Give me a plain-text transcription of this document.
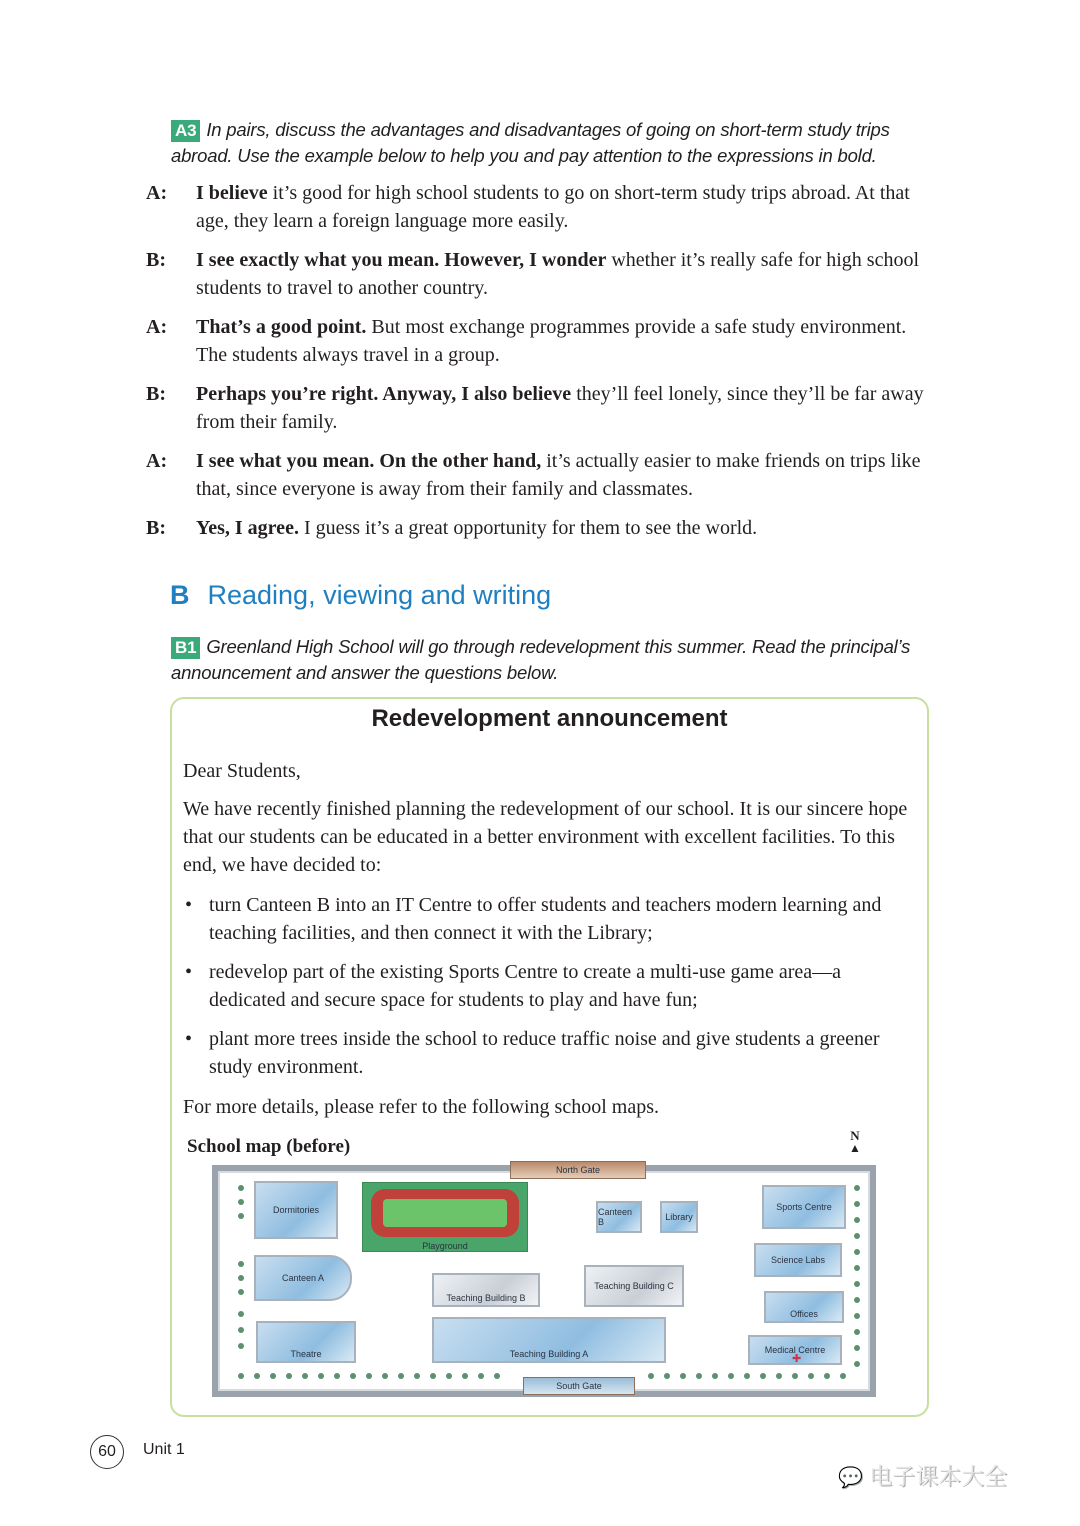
A3 In pairs, discuss the advantages and disadvantages of going on short-term study trips abroad. Use the example below to help you and pay attention to the expressions in bold.
A: I believe it’s good for high school students to go on short-term study trips abroad. At that age, they learn a foreign language more easily.
B: I see exactly what you mean. However, I wonder whether it’s really safe for high school students to travel to another country.
A: That’s a good point. But most exchange programmes provide a safe study environment. The students always travel in a group.
B: Perhaps you’re right. Anyway, I also believe they’ll feel lonely, since they’ll be far away from their family.
A: I see what you mean. On the other hand, it’s actually easier to make friends on trips like that, since everyone is away from their family and classmates.
B: Yes, I agree. I guess it’s a great opportunity for them to see the world.
B Reading, viewing and writing
B1 Greenland High School will go through redevelopment this summer. Read the principal’s announcement and answer the questions below.
Redevelopment announcement
Dear Students,
We have recently finished planning the redevelopment of our school. It is our sincere hope that our students can be educated in a better environment with excellent facilities. To this end, we have decided to:
• turn Canteen B into an IT Centre to offer students and teachers modern learning and teaching facilities, and then connect it with the Library;
• redevelop part of the existing Sports Centre to create a multi-use game area—a dedicated and secure space for students to play and have fun;
• plant more trees inside the school to reduce traffic noise and give students a greener study environment.
For more details, please refer to the following school maps.
School map (before)
N
▲
North Gate
South Gate
Dormitories
Playground
Canteen B	Library
Sports Centre
Science Labs
Canteen A
Teaching Building B
Teaching Building C
Offices
Theatre	Teaching Building A	Medical Centre
✚
60	Unit 1
💬 电子课本大全
